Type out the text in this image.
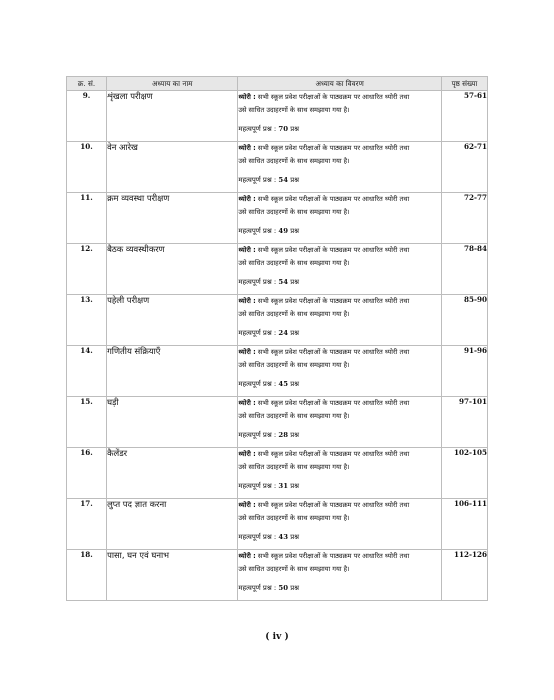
क्र. सं.	अध्याय का नाम	अध्याय का विवरण	पृष्ठ संख्या
9.	शृंखला परीक्षण	थ्योरी : सभी स्कूल प्रवेश परीक्षाओं के पाठ्यक्रम पर आधारित थ्योरी तथा
उसे साधित उदाहरणों के साथ समझाया गया है।
महत्वपूर्ण प्रश्न : 70 प्रश्न	57-61
10.	वेन आरेख	थ्योरी : सभी स्कूल प्रवेश परीक्षाओं के पाठ्यक्रम पर आधारित थ्योरी तथा
उसे साधित उदाहरणों के साथ समझाया गया है।
महत्वपूर्ण प्रश्न : 54 प्रश्न	62-71
11.	क्रम व्यवस्था परीक्षण	थ्योरी : सभी स्कूल प्रवेश परीक्षाओं के पाठ्यक्रम पर आधारित थ्योरी तथा
उसे साधित उदाहरणों के साथ समझाया गया है।
महत्वपूर्ण प्रश्न : 49 प्रश्न	72-77
12.	बैठक व्यवस्थीकरण	थ्योरी : सभी स्कूल प्रवेश परीक्षाओं के पाठ्यक्रम पर आधारित थ्योरी तथा
उसे साधित उदाहरणों के साथ समझाया गया है।
महत्वपूर्ण प्रश्न : 54 प्रश्न	78-84
13.	पहेली परीक्षण	थ्योरी : सभी स्कूल प्रवेश परीक्षाओं के पाठ्यक्रम पर आधारित थ्योरी तथा
उसे साधित उदाहरणों के साथ समझाया गया है।
महत्वपूर्ण प्रश्न : 24 प्रश्न	85-90
14.	गणितीय संक्रियाएँ	थ्योरी : सभी स्कूल प्रवेश परीक्षाओं के पाठ्यक्रम पर आधारित थ्योरी तथा
उसे साधित उदाहरणों के साथ समझाया गया है।
महत्वपूर्ण प्रश्न : 45 प्रश्न	91-96
15.	घड़ी	थ्योरी : सभी स्कूल प्रवेश परीक्षाओं के पाठ्यक्रम पर आधारित थ्योरी तथा
उसे साधित उदाहरणों के साथ समझाया गया है।
महत्वपूर्ण प्रश्न : 28 प्रश्न	97-101
16.	कैलेंडर	थ्योरी : सभी स्कूल प्रवेश परीक्षाओं के पाठ्यक्रम पर आधारित थ्योरी तथा
उसे साधित उदाहरणों के साथ समझाया गया है।
महत्वपूर्ण प्रश्न : 31 प्रश्न	102-105
17.	लुप्त पद ज्ञात करना	थ्योरी : सभी स्कूल प्रवेश परीक्षाओं के पाठ्यक्रम पर आधारित थ्योरी तथा
उसे साधित उदाहरणों के साथ समझाया गया है।
महत्वपूर्ण प्रश्न : 43 प्रश्न	106-111
18.	पासा, घन एवं घनाभ	थ्योरी : सभी स्कूल प्रवेश परीक्षाओं के पाठ्यक्रम पर आधारित थ्योरी तथा
उसे साधित उदाहरणों के साथ समझाया गया है।
महत्वपूर्ण प्रश्न : 50 प्रश्न	112-126
( iv )
